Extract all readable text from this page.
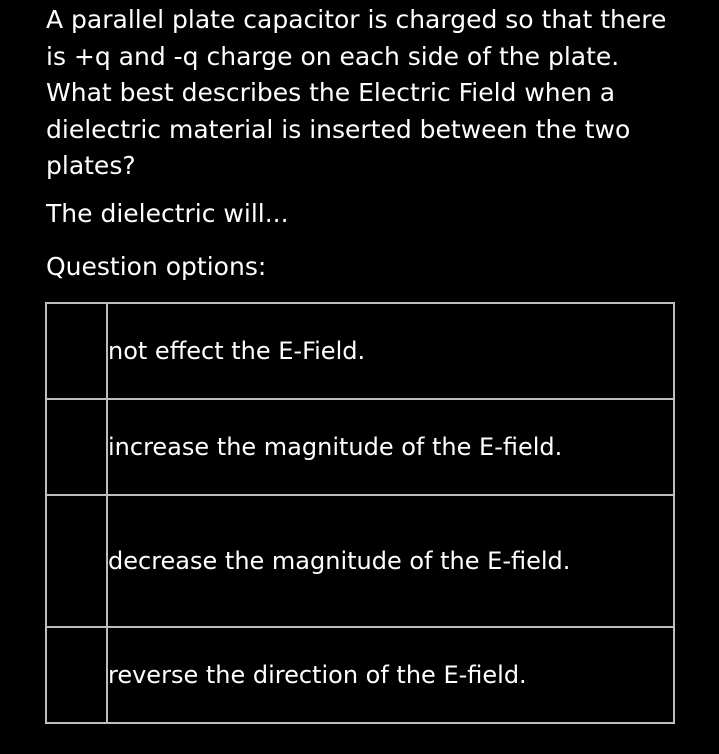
A parallel plate capacitor is charged so that there is +q and -q charge on each side of the plate. What best describes the Electric Field when a dielectric material is inserted between the two plates?

The dielectric will...

Question options:

	not effect the E-Field.

	increase the magnitude of the E-field.

	decrease the magnitude of the E-field.

	reverse the direction of the E-field.
